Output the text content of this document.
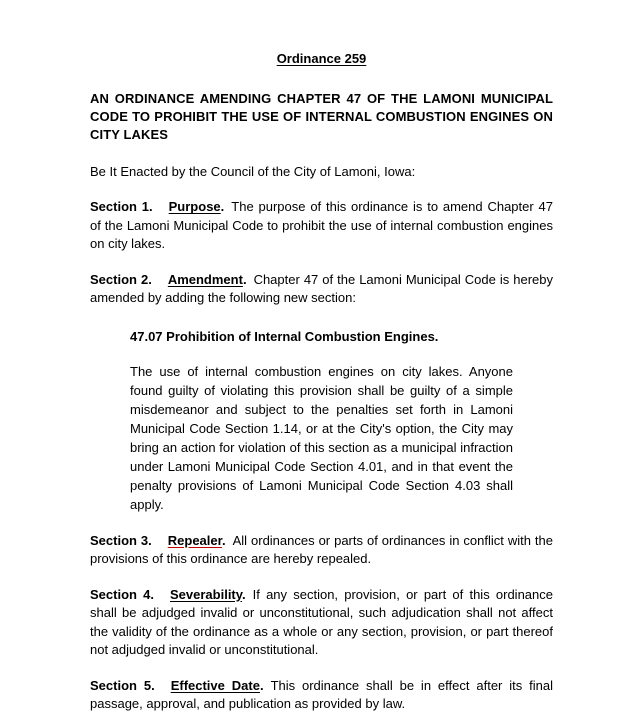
Ordinance 259
AN ORDINANCE AMENDING CHAPTER 47 OF THE LAMONI MUNICIPAL CODE TO PROHIBIT THE USE OF INTERNAL COMBUSTION ENGINES ON CITY LAKES

Be It Enacted by the Council of the City of Lamoni, Iowa:

Section 1. Purpose. The purpose of this ordinance is to amend Chapter 47 of the Lamoni Municipal Code to prohibit the use of internal combustion engines on city lakes.

Section 2. Amendment. Chapter 47 of the Lamoni Municipal Code is hereby amended by adding the following new section:

47.07 Prohibition of Internal Combustion Engines.

The use of internal combustion engines on city lakes. Anyone found guilty of violating this provision shall be guilty of a simple misdemeanor and subject to the penalties set forth in Lamoni Municipal Code Section 1.14, or at the City's option, the City may bring an action for violation of this section as a municipal infraction under Lamoni Municipal Code Section 4.01, and in that event the penalty provisions of Lamoni Municipal Code Section 4.03 shall apply.

Section 3. Repealer. All ordinances or parts of ordinances in conflict with the provisions of this ordinance are hereby repealed.

Section 4. Severability. If any section, provision, or part of this ordinance shall be adjudged invalid or unconstitutional, such adjudication shall not affect the validity of the ordinance as a whole or any section, provision, or part thereof not adjudged invalid or unconstitutional.

Section 5. Effective Date. This ordinance shall be in effect after its final passage, approval, and publication as provided by law.
